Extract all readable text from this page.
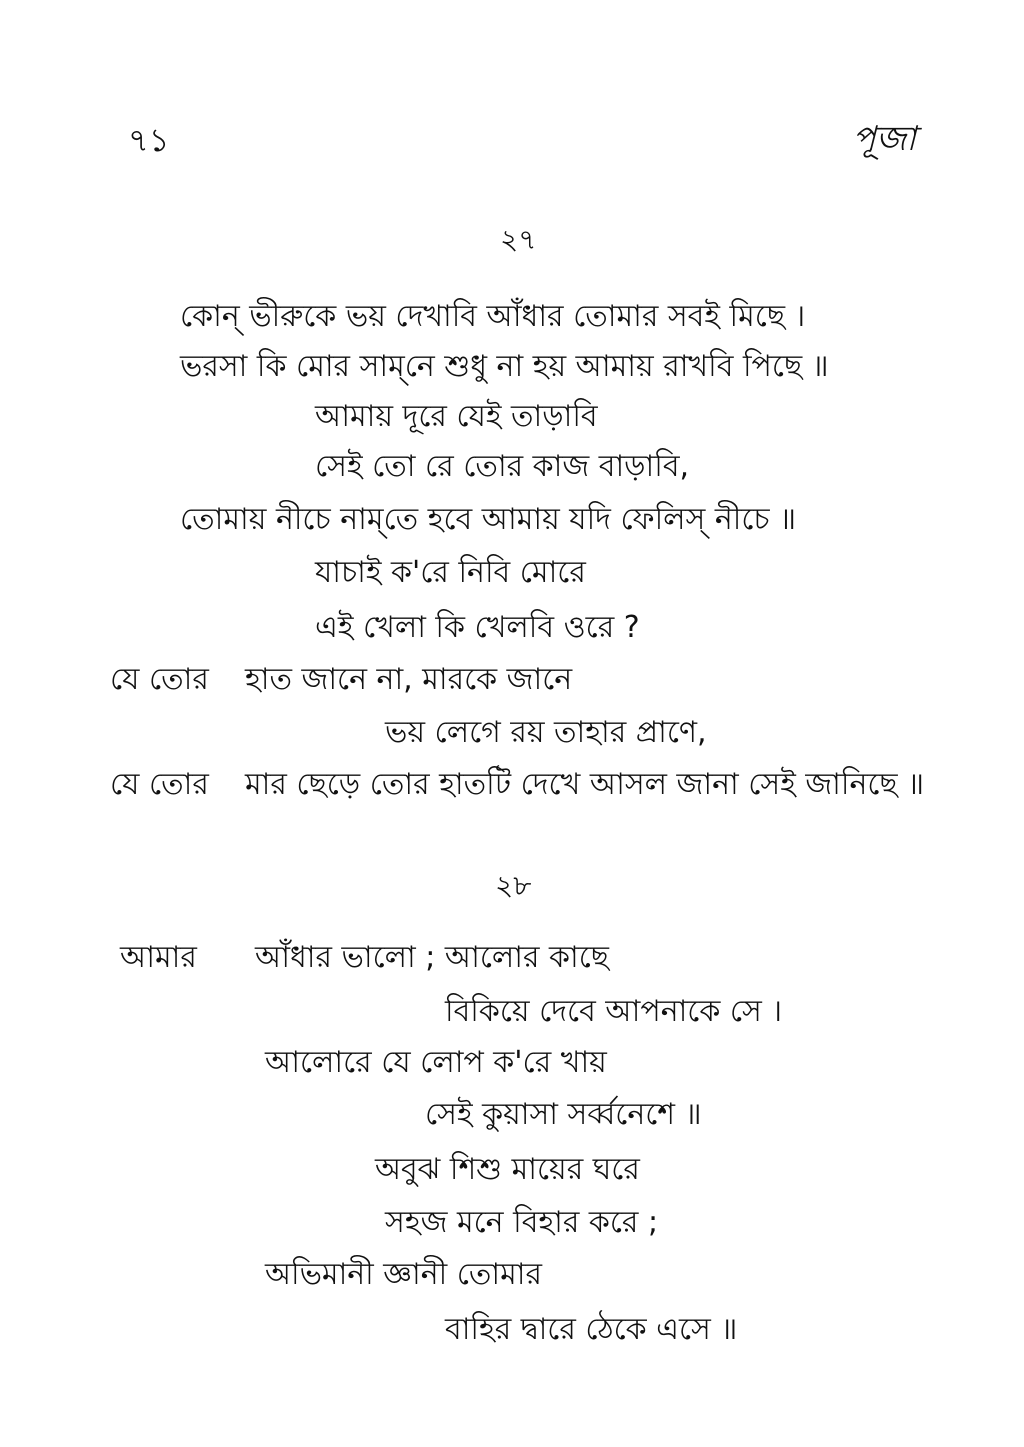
৭১	পূজা
২৭
কোন্ ভীরুকে ভয় দেখাবি আঁধার তোমার সবই মিছে ।
ভরসা কি মোর সাম্‌নে শুধু না হয় আমায় রাখবি পিছে ॥
আমায় দূরে যেই তাড়াবি
সেই তো রে তোর কাজ বাড়াবি,
তোমায় নীচে নাম্‌তে হবে আমায় যদি ফেলিস্ নীচে ॥
যাচাই ক'রে নিবি মোরে
এই খেলা কি খেলবি ওরে ?
যে তোর হাত জানে না, মারকে জানে
ভয় লেগে রয় তাহার প্রাণে,
যে তোর মার ছেড়ে তোর হাতটি দেখে আসল জানা সেই জানিছে ॥
২৮
আমার আঁধার ভালো ; আলোর কাছে
বিকিয়ে দেবে আপনাকে সে ।
আলোরে যে লোপ ক'রে খায়
সেই কুয়াসা সর্ব্বনেশে ॥
অবুঝ শিশু মায়ের ঘরে
সহজ মনে বিহার করে ;
অভিমানী জ্ঞানী তোমার
বাহির দ্বারে ঠেকে এসে ॥
